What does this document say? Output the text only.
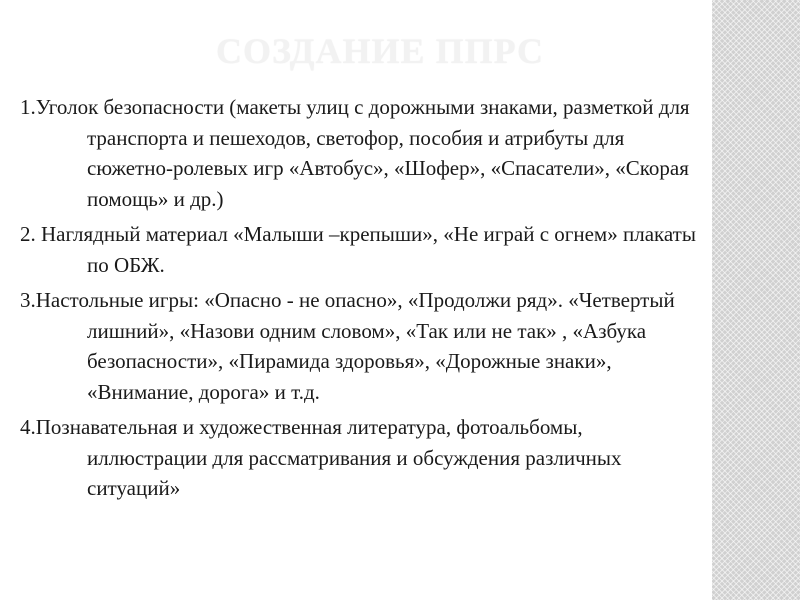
СОЗДАНИЕ ППРС

1.Уголок безопасности (макеты улиц с дорожными знаками, разметкой для транспорта и пешеходов, светофор, пособия и атрибуты для сюжетно-ролевых игр «Автобус», «Шофер», «Спасатели», «Скорая помощь» и др.)

2. Наглядный материал «Малыши –крепыши», «Не играй с огнем» плакаты по ОБЖ.

3.Настольные игры: «Опасно - не опасно», «Продолжи ряд». «Четвертый лишний», «Назови одним словом», «Так или не так» , «Азбука безопасности», «Пирамида здоровья», «Дорожные знаки», «Внимание, дорога» и т.д.

4.Познавательная и художественная литература, фотоальбомы, иллюстрации для рассматривания и обсуждения различных ситуаций»
